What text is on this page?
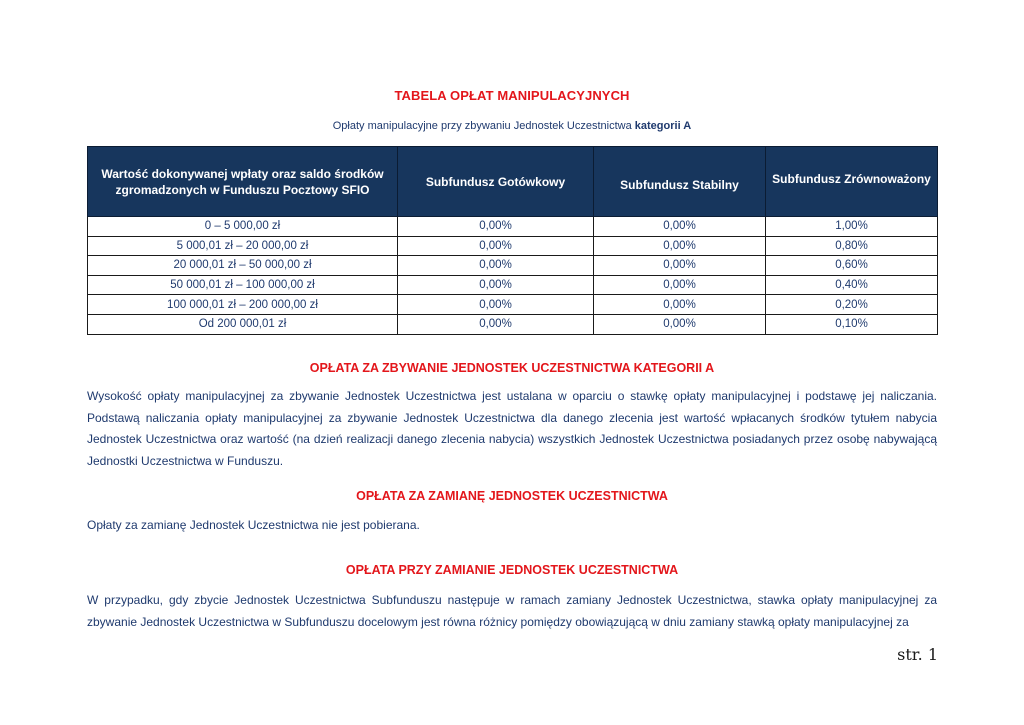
TABELA OPŁAT MANIPULACYJNYCH
Opłaty manipulacyjne przy zbywaniu Jednostek Uczestnictwa kategorii A
Wartość dokonywanej wpłaty oraz saldo środków zgromadzonych w Funduszu Pocztowy SFIO	Subfundusz Gotówkowy	Subfundusz Stabilny	Subfundusz Zrównoważony
0 – 5 000,00 zł	0,00%	0,00%	1,00%
5 000,01 zł – 20 000,00 zł	0,00%	0,00%	0,80%
20 000,01 zł – 50 000,00 zł	0,00%	0,00%	0,60%
50 000,01 zł – 100 000,00 zł	0,00%	0,00%	0,40%
100 000,01 zł – 200 000,00 zł	0,00%	0,00%	0,20%
Od 200 000,01 zł	0,00%	0,00%	0,10%
OPŁATA ZA ZBYWANIE JEDNOSTEK UCZESTNICTWA KATEGORII A
Wysokość opłaty manipulacyjnej za zbywanie Jednostek Uczestnictwa jest ustalana w oparciu o stawkę opłaty manipulacyjnej i podstawę jej naliczania. Podstawą naliczania opłaty manipulacyjnej za zbywanie Jednostek Uczestnictwa dla danego zlecenia jest wartość wpłacanych środków tytułem nabycia Jednostek Uczestnictwa oraz wartość (na dzień realizacji danego zlecenia nabycia) wszystkich Jednostek Uczestnictwa posiadanych przez osobę nabywającą Jednostki Uczestnictwa w Funduszu.
OPŁATA ZA ZAMIANĘ JEDNOSTEK UCZESTNICTWA
Opłaty za zamianę Jednostek Uczestnictwa nie jest pobierana.
OPŁATA PRZY ZAMIANIE JEDNOSTEK UCZESTNICTWA
W przypadku, gdy zbycie Jednostek Uczestnictwa Subfunduszu następuje w ramach zamiany Jednostek Uczestnictwa, stawka opłaty manipulacyjnej za zbywanie Jednostek Uczestnictwa w Subfunduszu docelowym jest równa różnicy pomiędzy obowiązującą w dniu zamiany stawką opłaty manipulacyjnej za
str. 1
